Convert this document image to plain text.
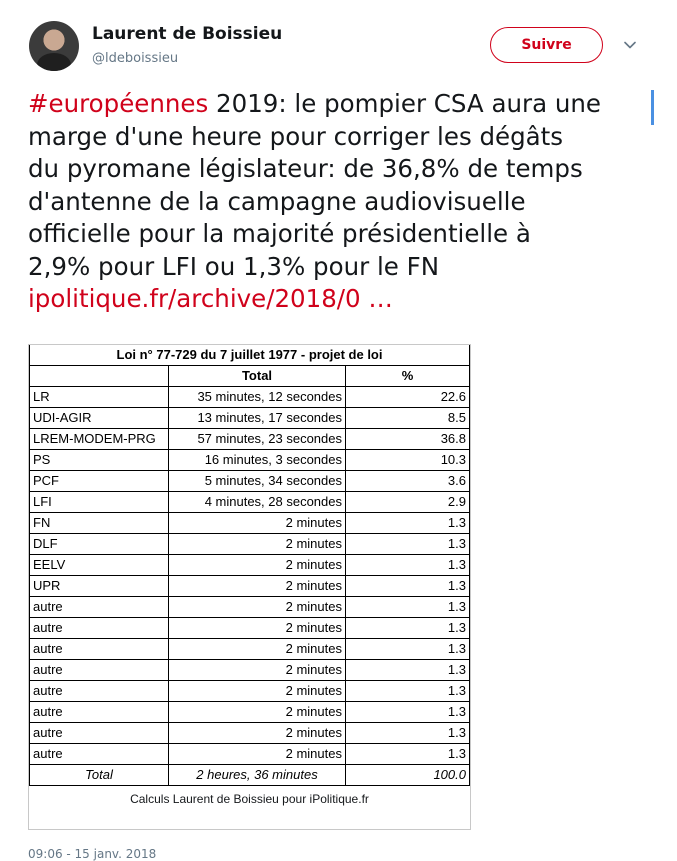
Laurent de Boissieu
@ldeboissieu
Suivre
#européennes 2019: le pompier CSA aura une
marge d'une heure pour corriger les dégâts
du pyromane législateur: de 36,8% de temps
d'antenne de la campagne audiovisuelle
officielle pour la majorité présidentielle à
2,9% pour LFI ou 1,3% pour le FN
ipolitique.fr/archive/2018/0 …
Loi n° 77-729 du 7 juillet 1977 - projet de loi		
	Total	%
LR	35 minutes, 12 secondes	22.6
UDI-AGIR	13 minutes, 17 secondes	8.5
LREM-MODEM-PRG	57 minutes, 23 secondes	36.8
PS	16 minutes, 3 secondes	10.3
PCF	5 minutes, 34 secondes	3.6
LFI	4 minutes, 28 secondes	2.9
FN	2 minutes	1.3
DLF	2 minutes	1.3
EELV	2 minutes	1.3
UPR	2 minutes	1.3
autre	2 minutes	1.3
autre	2 minutes	1.3
autre	2 minutes	1.3
autre	2 minutes	1.3
autre	2 minutes	1.3
autre	2 minutes	1.3
autre	2 minutes	1.3
autre	2 minutes	1.3
Total	2 heures, 36 minutes	100.0
Calculs Laurent de Boissieu pour iPolitique.fr
09:06 - 15 janv. 2018
